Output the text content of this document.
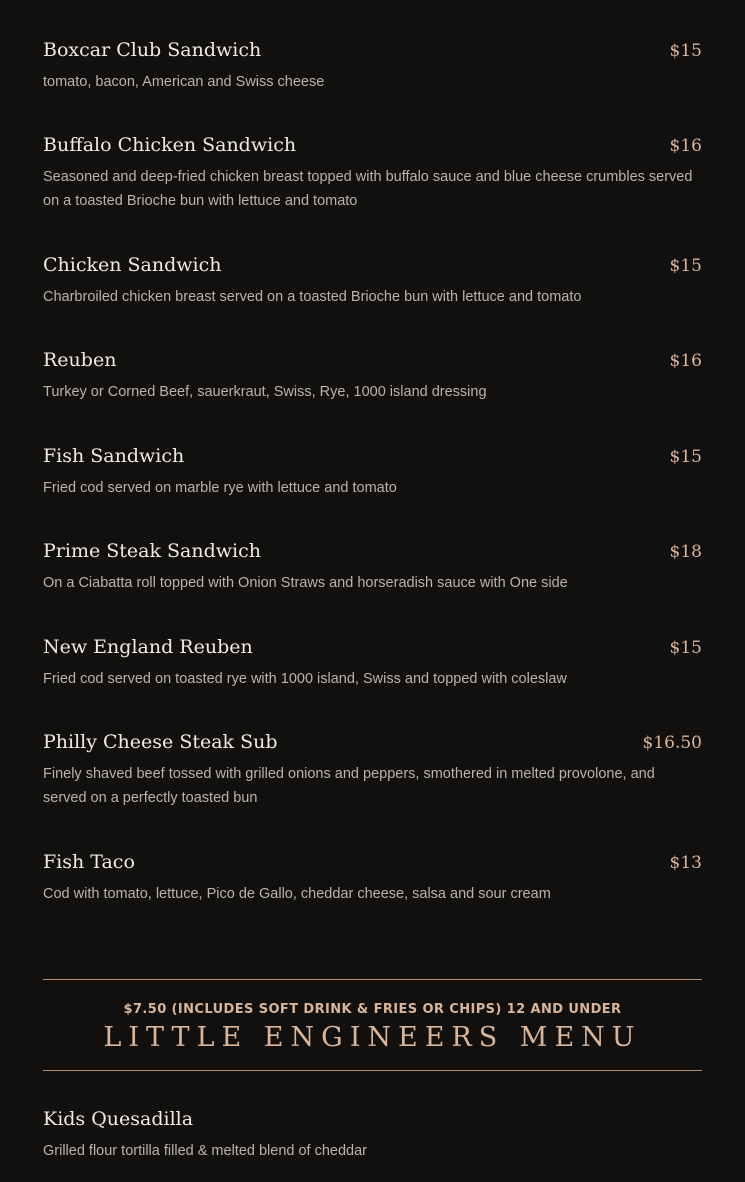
Boxcar Club Sandwich	$15
tomato, bacon, American and Swiss cheese
Buffalo Chicken Sandwich	$16
Seasoned and deep-fried chicken breast topped with buffalo sauce and blue cheese crumbles served on a toasted Brioche bun with lettuce and tomato
Chicken Sandwich	$15
Charbroiled chicken breast served on a toasted Brioche bun with lettuce and tomato
Reuben	$16
Turkey or Corned Beef, sauerkraut, Swiss, Rye, 1000 island dressing
Fish Sandwich	$15
Fried cod served on marble rye with lettuce and tomato
Prime Steak Sandwich	$18
On a Ciabatta roll topped with Onion Straws and horseradish sauce with One side
New England Reuben	$15
Fried cod served on toasted rye with 1000 island, Swiss and topped with coleslaw
Philly Cheese Steak Sub	$16.50
Finely shaved beef tossed with grilled onions and peppers, smothered in melted provolone, and served on a perfectly toasted bun
Fish Taco	$13
Cod with tomato, lettuce, Pico de Gallo, cheddar cheese, salsa and sour cream
$7.50 (INCLUDES SOFT DRINK & FRIES OR CHIPS) 12 AND UNDER
LITTLE ENGINEERS MENU
Kids Quesadilla
Grilled flour tortilla filled & melted blend of cheddar
